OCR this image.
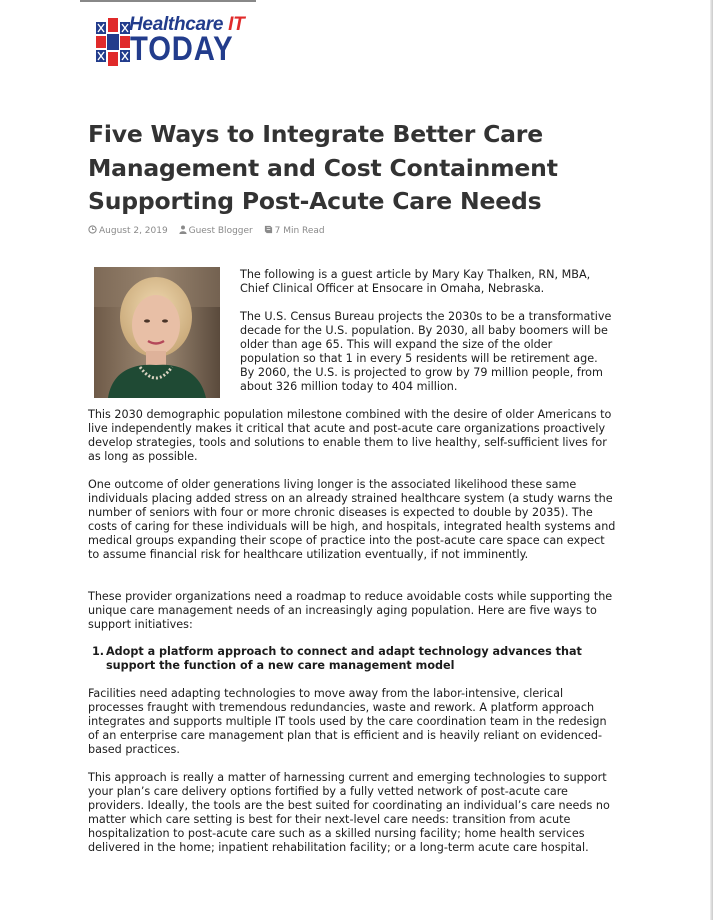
Healthcare IT
TODAY
Five Ways to Integrate Better Care Management and Cost Containment Supporting Post-Acute Care Needs
August 2, 2019 Guest Blogger 7 Min Read

The following is a guest article by Mary Kay Thalken, RN, MBA, Chief Clinical Officer at Ensocare in Omaha, Nebraska.

The U.S. Census Bureau projects the 2030s to be a transformative decade for the U.S. population. By 2030, all baby boomers will be older than age 65. This will expand the size of the older population so that 1 in every 5 residents will be retirement age. By 2060, the U.S. is projected to grow by 79 million people, from about 326 million today to 404 million.

This 2030 demographic population milestone combined with the desire of older Americans to live independently makes it critical that acute and post-acute care organizations proactively develop strategies, tools and solutions to enable them to live healthy, self-sufficient lives for as long as possible.

One outcome of older generations living longer is the associated likelihood these same individuals placing added stress on an already strained healthcare system (a study warns the number of seniors with four or more chronic diseases is expected to double by 2035). The costs of caring for these individuals will be high, and hospitals, integrated health systems and medical groups expanding their scope of practice into the post-acute care space can expect to assume financial risk for healthcare utilization eventually, if not imminently.

These provider organizations need a roadmap to reduce avoidable costs while supporting the unique care management needs of an increasingly aging population. Here are five ways to support initiatives:

1. Adopt a platform approach to connect and adapt technology advances that support the function of a new care management model

Facilities need adapting technologies to move away from the labor-intensive, clerical processes fraught with tremendous redundancies, waste and rework. A platform approach integrates and supports multiple IT tools used by the care coordination team in the redesign of an enterprise care management plan that is efficient and is heavily reliant on evidenced-based practices.

This approach is really a matter of harnessing current and emerging technologies to support your plan’s care delivery options fortified by a fully vetted network of post-acute care providers. Ideally, the tools are the best suited for coordinating an individual’s care needs no matter which care setting is best for their next-level care needs: transition from acute hospitalization to post-acute care such as a skilled nursing facility; home health services delivered in the home; inpatient rehabilitation facility; or a long-term acute care hospital.
